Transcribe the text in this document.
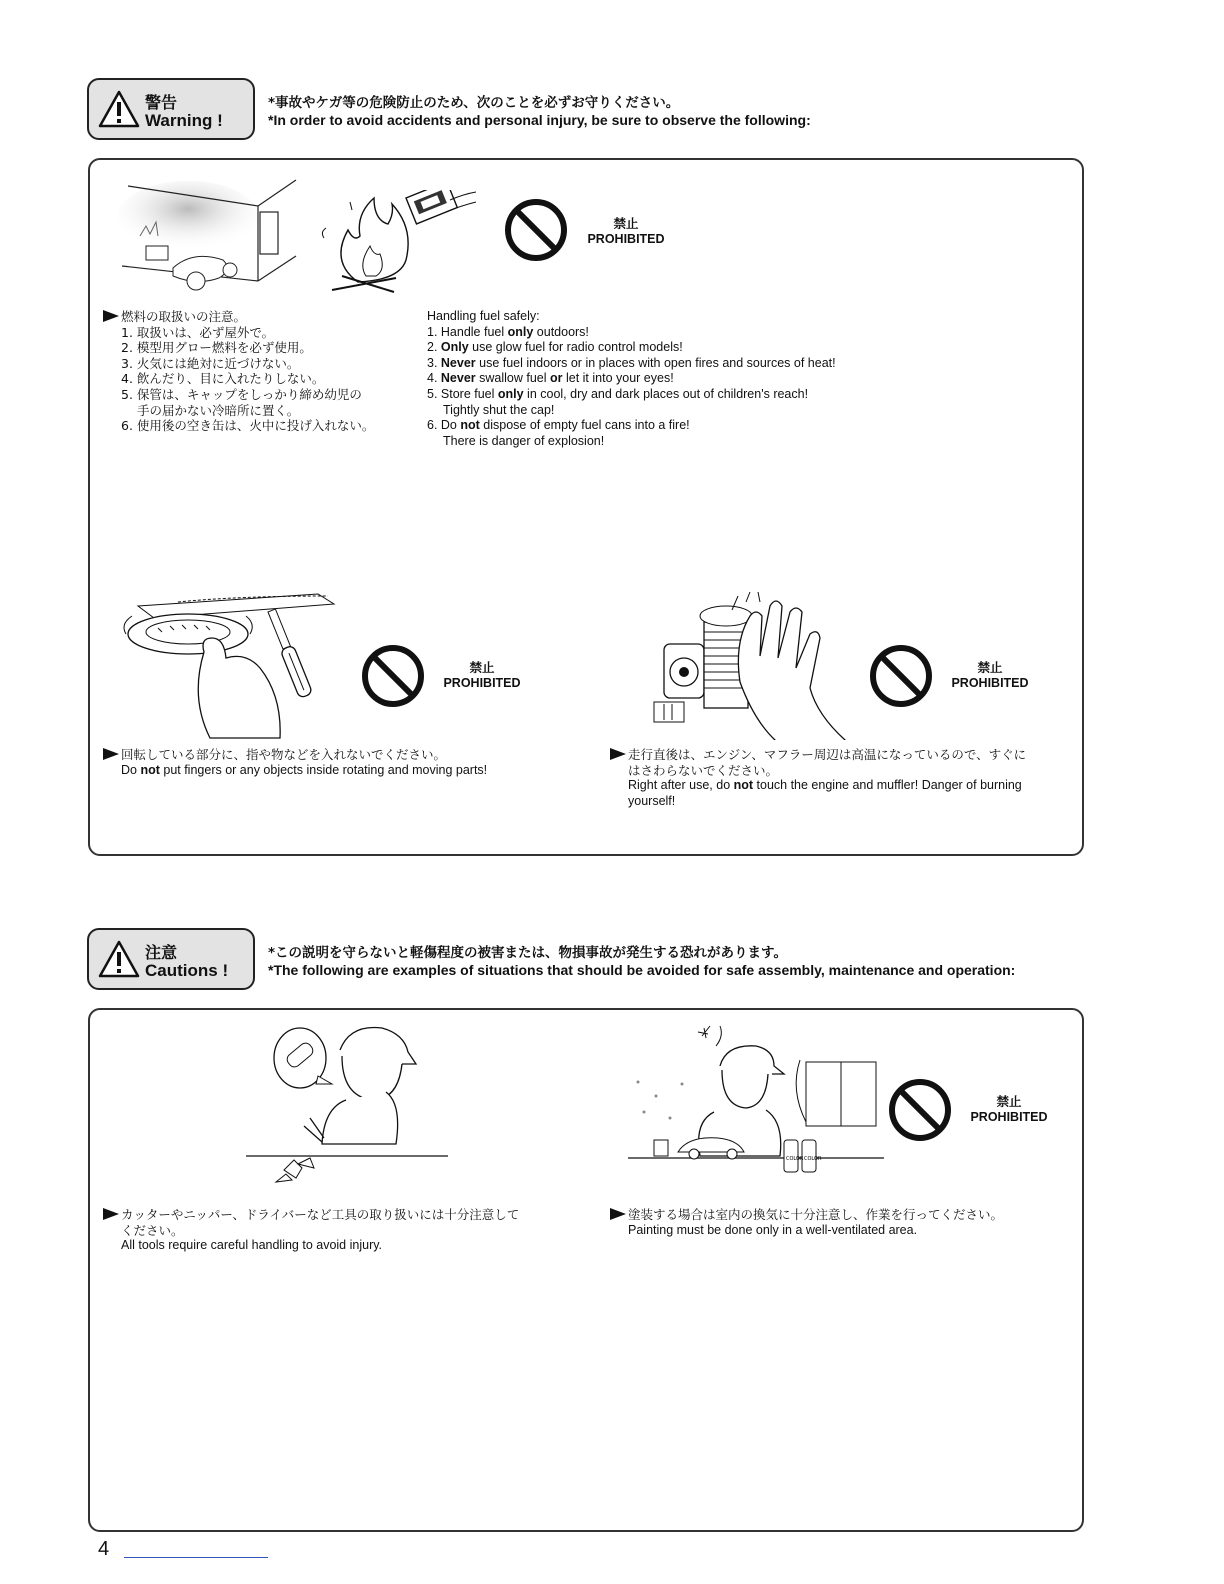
警告
Warning !
*事故やケガ等の危険防止のため、次のことを必ずお守りください。
*In order to avoid accidents and personal injury, be sure to observe the following:
禁止
PROHIBITED
燃料の取扱いの注意。
1. 取扱いは、必ず屋外で。
2. 模型用グロー燃料を必ず使用。
3. 火気には絶対に近づけない。
4. 飲んだり、目に入れたりしない。
5. 保管は、キャップをしっかり締め幼児の
手の届かない冷暗所に置く。
6. 使用後の空き缶は、火中に投げ入れない。
Handling fuel safely:
1. Handle fuel only outdoors!
2. Only use glow fuel for radio control models!
3. Never use fuel indoors or in places with open fires and sources of heat!
4. Never swallow fuel or let it into your eyes!
5. Store fuel only in cool, dry and dark places out of children's reach!
Tightly shut the cap!
6. Do not dispose of empty fuel cans into a fire!
There is danger of explosion!
禁止
PROHIBITED
禁止
PROHIBITED
回転している部分に、指や物などを入れないでください。
Do not put fingers or any objects inside rotating and moving parts!
走行直後は、エンジン、マフラー周辺は高温になっているので、すぐに
はさわらないでください。
Right after use, do not touch the engine and muffler! Danger of burning
yourself!
注意
Cautions !
*この説明を守らないと軽傷程度の被害または、物損事故が発生する恐れがあります。
*The following are examples of situations that should be avoided for safe assembly, maintenance and operation:
COLOR COLOR
禁止
PROHIBITED
カッターやニッパー、ドライバーなど工具の取り扱いには十分注意して
ください。
All tools require careful handling to avoid injury.
塗装する場合は室内の換気に十分注意し、作業を行ってください。
Painting must be done only in a well-ventilated area.
4
